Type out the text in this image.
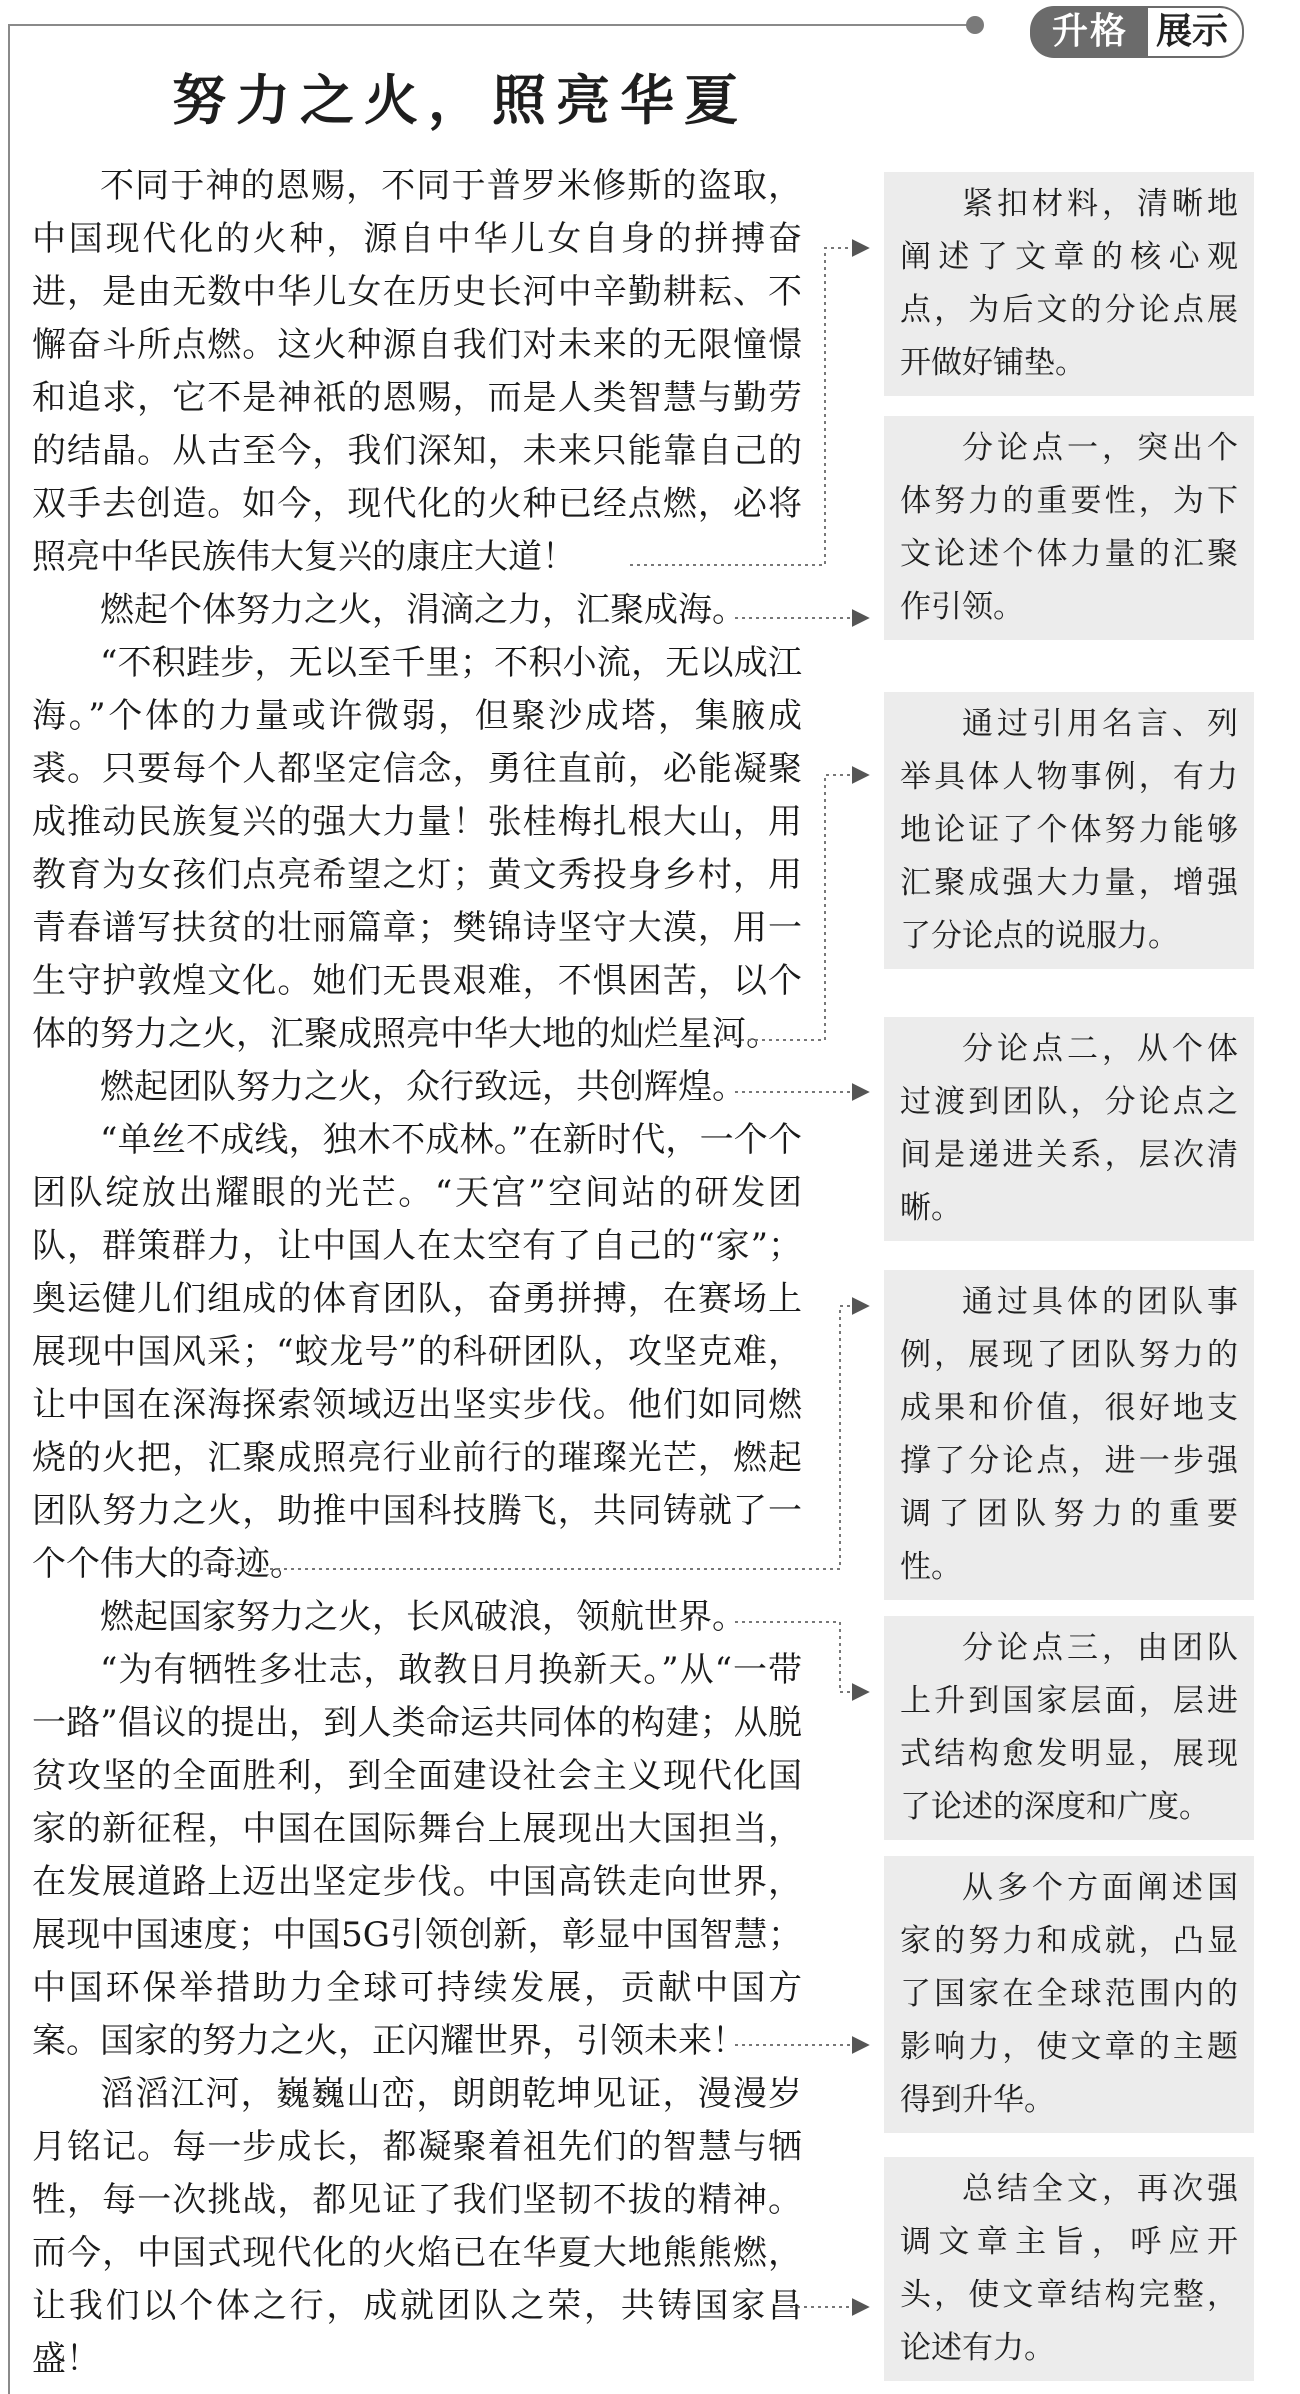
升格 展示
努力之火，照亮华夏

不同于神的恩赐，不同于普罗米修斯的盗取，中国现代化的火种，源自中华儿女自身的拼搏奋进，是由无数中华儿女在历史长河中辛勤耕耘、不懈奋斗所点燃。这火种源自我们对未来的无限憧憬和追求，它不是神祇的恩赐，而是人类智慧与勤劳的结晶。从古至今，我们深知，未来只能靠自己的双手去创造。如今，现代化的火种已经点燃，必将照亮中华民族伟大复兴的康庄大道！

燃起个体努力之火，涓滴之力，汇聚成海。

“不积跬步，无以至千里；不积小流，无以成江海。”个体的力量或许微弱，但聚沙成塔，集腋成裘。只要每个人都坚定信念，勇往直前，必能凝聚成推动民族复兴的强大力量！张桂梅扎根大山，用教育为女孩们点亮希望之灯；黄文秀投身乡村，用青春谱写扶贫的壮丽篇章；樊锦诗坚守大漠，用一生守护敦煌文化。她们无畏艰难，不惧困苦，以个体的努力之火，汇聚成照亮中华大地的灿烂星河。

燃起团队努力之火，众行致远，共创辉煌。

“单丝不成线，独木不成林。”在新时代，一个个团队绽放出耀眼的光芒。“天宫”空间站的研发团队，群策群力，让中国人在太空有了自己的“家”；奥运健儿们组成的体育团队，奋勇拼搏，在赛场上展现中国风采；“蛟龙号”的科研团队，攻坚克难，让中国在深海探索领域迈出坚实步伐。他们如同燃烧的火把，汇聚成照亮行业前行的璀璨光芒，燃起团队努力之火，助推中国科技腾飞，共同铸就了一个个伟大的奇迹。

燃起国家努力之火，长风破浪，领航世界。

“为有牺牲多壮志，敢教日月换新天。”从“一带一路”倡议的提出，到人类命运共同体的构建；从脱贫攻坚的全面胜利，到全面建设社会主义现代化国家的新征程，中国在国际舞台上展现出大国担当，在发展道路上迈出坚定步伐。中国高铁走向世界，展现中国速度；中国5G引领创新，彰显中国智慧；中国环保举措助力全球可持续发展，贡献中国方案。国家的努力之火，正闪耀世界，引领未来！

滔滔江河，巍巍山峦，朗朗乾坤见证，漫漫岁月铭记。每一步成长，都凝聚着祖先们的智慧与牺牲，每一次挑战，都见证了我们坚韧不拔的精神。而今，中国式现代化的火焰已在华夏大地熊熊燃，让我们以个体之行，成就团队之荣，共铸国家昌盛！

紧扣材料，清晰地阐述了文章的核心观点，为后文的分论点展开做好铺垫。
分论点一，突出个体努力的重要性，为下文论述个体力量的汇聚作引领。
通过引用名言、列举具体人物事例，有力地论证了个体努力能够汇聚成强大力量，增强了分论点的说服力。
分论点二，从个体过渡到团队，分论点之间是递进关系，层次清晰。
通过具体的团队事例，展现了团队努力的成果和价值，很好地支撑了分论点，进一步强调了团队努力的重要性。
分论点三，由团队上升到国家层面，层进式结构愈发明显，展现了论述的深度和广度。
从多个方面阐述国家的努力和成就，凸显了国家在全球范围内的影响力，使文章的主题得到升华。
总结全文，再次强调文章主旨，呼应开头，使文章结构完整，论述有力。
